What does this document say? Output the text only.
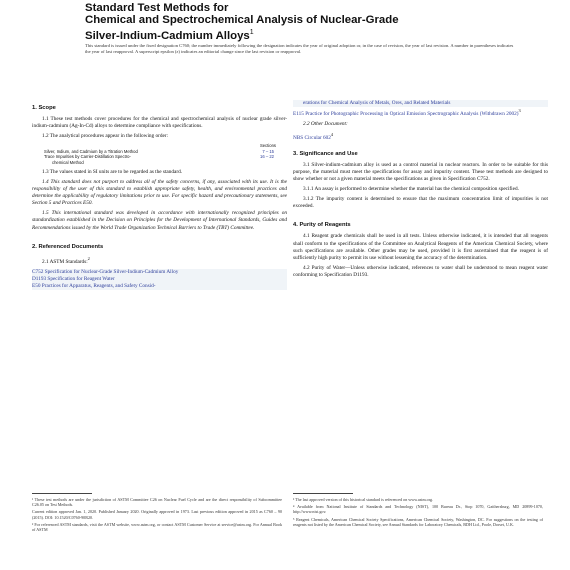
Standard Test Methods for
Chemical and Spectrochemical Analysis of Nuclear-Grade
Silver-Indium-Cadmium Alloys$^1$
This standard is issued under the fixed designation C760; the number immediately following the designation indicates the year of original adoption or, in the case of revision, the year of last revision. A number in parentheses indicates the year of last reapproval. A superscript epsilon (ε) indicates an editorial change since the last revision or reapproval.
1. Scope

1.1 These test methods cover procedures for the chemical and spectrochemical analysis of nuclear grade silver-indium-cadmium (Ag-In-Cd) alloys to determine compliance with specifications.

1.2 The analytical procedures appear in the following order:

Sections
Silver, Indium, and Cadmium by a Titration Method	7 – 15
Trace Impurities by Carrier-Distillation Spectro-	16 – 22
chemical Method

1.3 The values stated in SI units are to be regarded as the standard.

1.4 This standard does not purport to address all of the safety concerns, if any, associated with its use. It is the responsibility of the user of this standard to establish appropriate safety, health, and environmental practices and determine the applicability of regulatory limitations prior to use. For specific hazard and precautionary statements, see Section 5 and Practices E50.

1.5 This international standard was developed in accordance with internationally recognized principles on standardization established in the Decision on Principles for the Development of International Standards, Guides and Recommendations issued by the World Trade Organization Technical Barriers to Trade (TBT) Committee.

2. Referenced Documents

2.1 ASTM Standards:$^2$

C752 Specification for Nuclear-Grade Silver-Indium-Cadmium Alloy

D1193 Specification for Reagent Water

E50 Practices for Apparatus, Reagents, and Safety Consid-

erations for Chemical Analysis of Metals, Ores, and Related Materials

E115 Practice for Photographic Processing in Optical Emission Spectrographic Analysis (Withdrawn 2002)$^3$

2.2 Other Document:

NBS Circular $602^4$

3. Significance and Use

3.1 Silver-indium-cadmium alloy is used as a control material in nuclear reactors. In order to be suitable for this purpose, the material must meet the specifications for assay and impurity content. These test methods are designed to show whether or not a given material meets the specifications as given in Specification C752.

3.1.1 An assay is performed to determine whether the material has the chemical composition specified.

3.1.2 The impurity content is determined to ensure that the maximum concentration limit of impurities is not exceeded.

4. Purity of Reagents

4.1 Reagent grade chemicals shall be used in all tests. Unless otherwise indicated, it is intended that all reagents shall conform to the specifications of the Committee on Analytical Reagents of the American Chemical Society, where such specifications are available. Other grades may be used, provided it is first ascertained that the reagent is of sufficiently high purity to permit its use without lessening the accuracy of the determination.

4.2 Purity of Water—Unless otherwise indicated, references to water shall be understood to mean reagent water conforming to Specification D1193.

¹ These test methods are under the jurisdiction of ASTM Committee C26 on Nuclear Fuel Cycle and are the direct responsibility of Subcommittee C26.05 on Test Methods.

Current edition approved Jan. 1, 2020. Published January 2020. Originally approved in 1973. Last previous edition approved in 2015 as C760 – 90 (2015). DOI: 10.1520/C0760-90R20.

² For referenced ASTM standards, visit the ASTM website, www.astm.org, or contact ASTM Customer Service at service@astm.org. For Annual Book of ASTM

³ The last approved version of this historical standard is referenced on www.astm.org.

⁴ Available from National Institute of Standards and Technology (NIST), 100 Bureau Dr., Stop 1070, Gaithersburg, MD 20899-1070, http://www.nist.gov.

⁵ Reagent Chemicals, American Chemical Society Specifications, American Chemical Society, Washington, DC. For suggestions on the testing of reagents not listed by the American Chemical Society, see Annual Standards for Laboratory Chemicals, BDH Ltd., Poole, Dorset, U.K.
